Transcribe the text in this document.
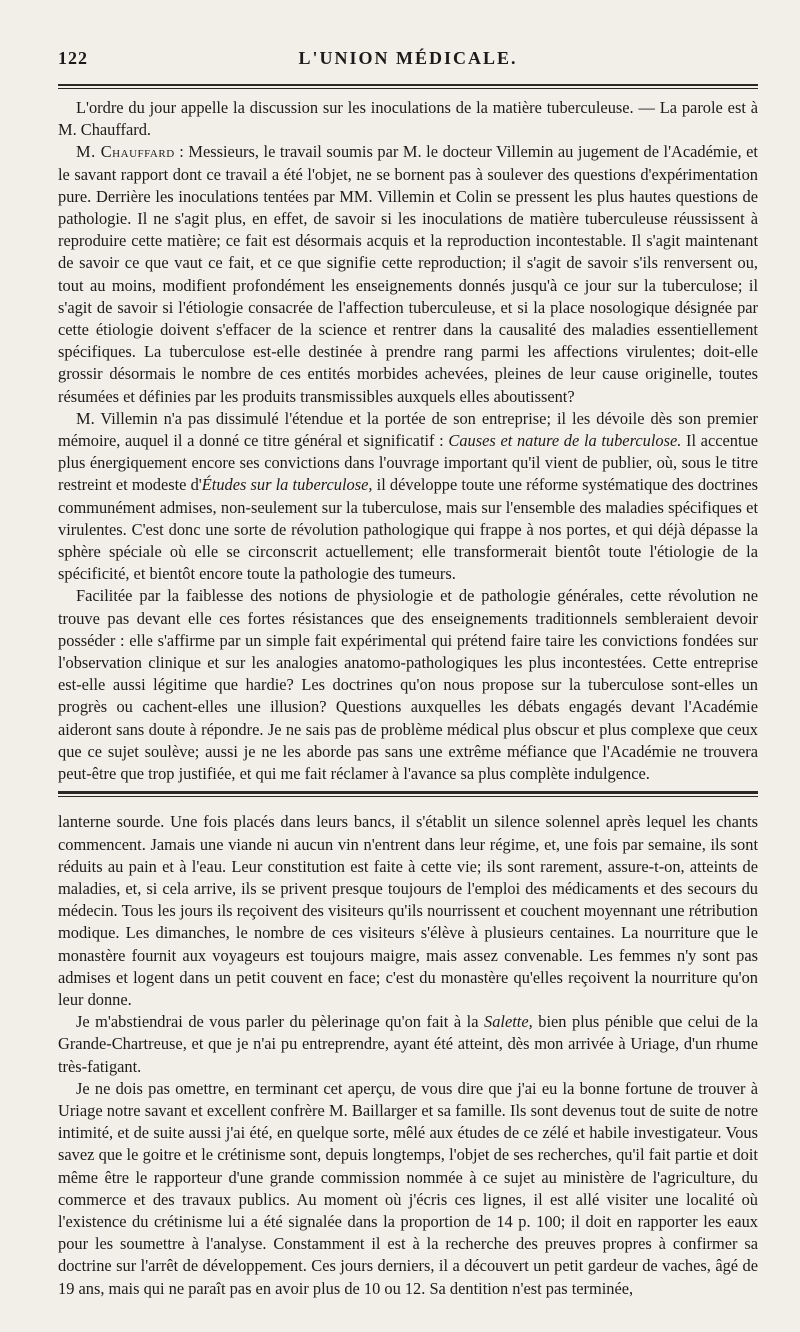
122	L'UNION MÉDICALE.

L'ordre du jour appelle la discussion sur les inoculations de la matière tuberculeuse. — La parole est à M. Chauffard.

M. Chauffard : Messieurs, le travail soumis par M. le docteur Villemin au jugement de l'Académie, et le savant rapport dont ce travail a été l'objet, ne se bornent pas à soulever des questions d'expérimentation pure. Derrière les inoculations tentées par MM. Villemin et Colin se pressent les plus hautes questions de pathologie. Il ne s'agit plus, en effet, de savoir si les inoculations de matière tuberculeuse réussissent à reproduire cette matière; ce fait est désormais acquis et la reproduction incontestable. Il s'agit maintenant de savoir ce que vaut ce fait, et ce que signifie cette reproduction; il s'agit de savoir s'ils renversent ou, tout au moins, modifient profondément les enseignements donnés jusqu'à ce jour sur la tuberculose; il s'agit de savoir si l'étiologie consacrée de l'affection tuberculeuse, et si la place nosologique désignée par cette étiologie doivent s'effacer de la science et rentrer dans la causalité des maladies essentiellement spécifiques. La tuberculose est-elle destinée à prendre rang parmi les affections virulentes; doit-elle grossir désormais le nombre de ces entités morbides achevées, pleines de leur cause originelle, toutes résumées et définies par les produits transmissibles auxquels elles aboutissent?

M. Villemin n'a pas dissimulé l'étendue et la portée de son entreprise; il les dévoile dès son premier mémoire, auquel il a donné ce titre général et significatif : Causes et nature de la tuberculose. Il accentue plus énergiquement encore ses convictions dans l'ouvrage important qu'il vient de publier, où, sous le titre restreint et modeste d'Études sur la tuberculose, il développe toute une réforme systématique des doctrines communément admises, non-seulement sur la tuberculose, mais sur l'ensemble des maladies spécifiques et virulentes. C'est donc une sorte de révolution pathologique qui frappe à nos portes, et qui déjà dépasse la sphère spéciale où elle se circonscrit actuellement; elle transformerait bientôt toute l'étiologie de la spécificité, et bientôt encore toute la pathologie des tumeurs.

Facilitée par la faiblesse des notions de physiologie et de pathologie générales, cette révolution ne trouve pas devant elle ces fortes résistances que des enseignements traditionnels sembleraient devoir posséder : elle s'affirme par un simple fait expérimental qui prétend faire taire les convictions fondées sur l'observation clinique et sur les analogies anatomo-pathologiques les plus incontestées. Cette entreprise est-elle aussi légitime que hardie? Les doctrines qu'on nous propose sur la tuberculose sont-elles un progrès ou cachent-elles une illusion? Questions auxquelles les débats engagés devant l'Académie aideront sans doute à répondre. Je ne sais pas de problème médical plus obscur et plus complexe que ceux que ce sujet soulève; aussi je ne les aborde pas sans une extrême méfiance que l'Académie ne trouvera peut-être que trop justifiée, et qui me fait réclamer à l'avance sa plus complète indulgence.

lanterne sourde. Une fois placés dans leurs bancs, il s'établit un silence solennel après lequel les chants commencent. Jamais une viande ni aucun vin n'entrent dans leur régime, et, une fois par semaine, ils sont réduits au pain et à l'eau. Leur constitution est faite à cette vie; ils sont rarement, assure-t-on, atteints de maladies, et, si cela arrive, ils se privent presque toujours de l'emploi des médicaments et des secours du médecin. Tous les jours ils reçoivent des visiteurs qu'ils nourrissent et couchent moyennant une rétribution modique. Les dimanches, le nombre de ces visiteurs s'élève à plusieurs centaines. La nourriture que le monastère fournit aux voyageurs est toujours maigre, mais assez convenable. Les femmes n'y sont pas admises et logent dans un petit couvent en face; c'est du monastère qu'elles reçoivent la nourriture qu'on leur donne.

Je m'abstiendrai de vous parler du pèlerinage qu'on fait à la Salette, bien plus pénible que celui de la Grande-Chartreuse, et que je n'ai pu entreprendre, ayant été atteint, dès mon arrivée à Uriage, d'un rhume très-fatigant.

Je ne dois pas omettre, en terminant cet aperçu, de vous dire que j'ai eu la bonne fortune de trouver à Uriage notre savant et excellent confrère M. Baillarger et sa famille. Ils sont devenus tout de suite de notre intimité, et de suite aussi j'ai été, en quelque sorte, mêlé aux études de ce zélé et habile investigateur. Vous savez que le goitre et le crétinisme sont, depuis longtemps, l'objet de ses recherches, qu'il fait partie et doit même être le rapporteur d'une grande commission nommée à ce sujet au ministère de l'agriculture, du commerce et des travaux publics. Au moment où j'écris ces lignes, il est allé visiter une localité où l'existence du crétinisme lui a été signalée dans la proportion de 14 p. 100; il doit en rapporter les eaux pour les soumettre à l'analyse. Constamment il est à la recherche des preuves propres à confirmer sa doctrine sur l'arrêt de développement. Ces jours derniers, il a découvert un petit gardeur de vaches, âgé de 19 ans, mais qui ne paraît pas en avoir plus de 10 ou 12. Sa dentition n'est pas terminée,
